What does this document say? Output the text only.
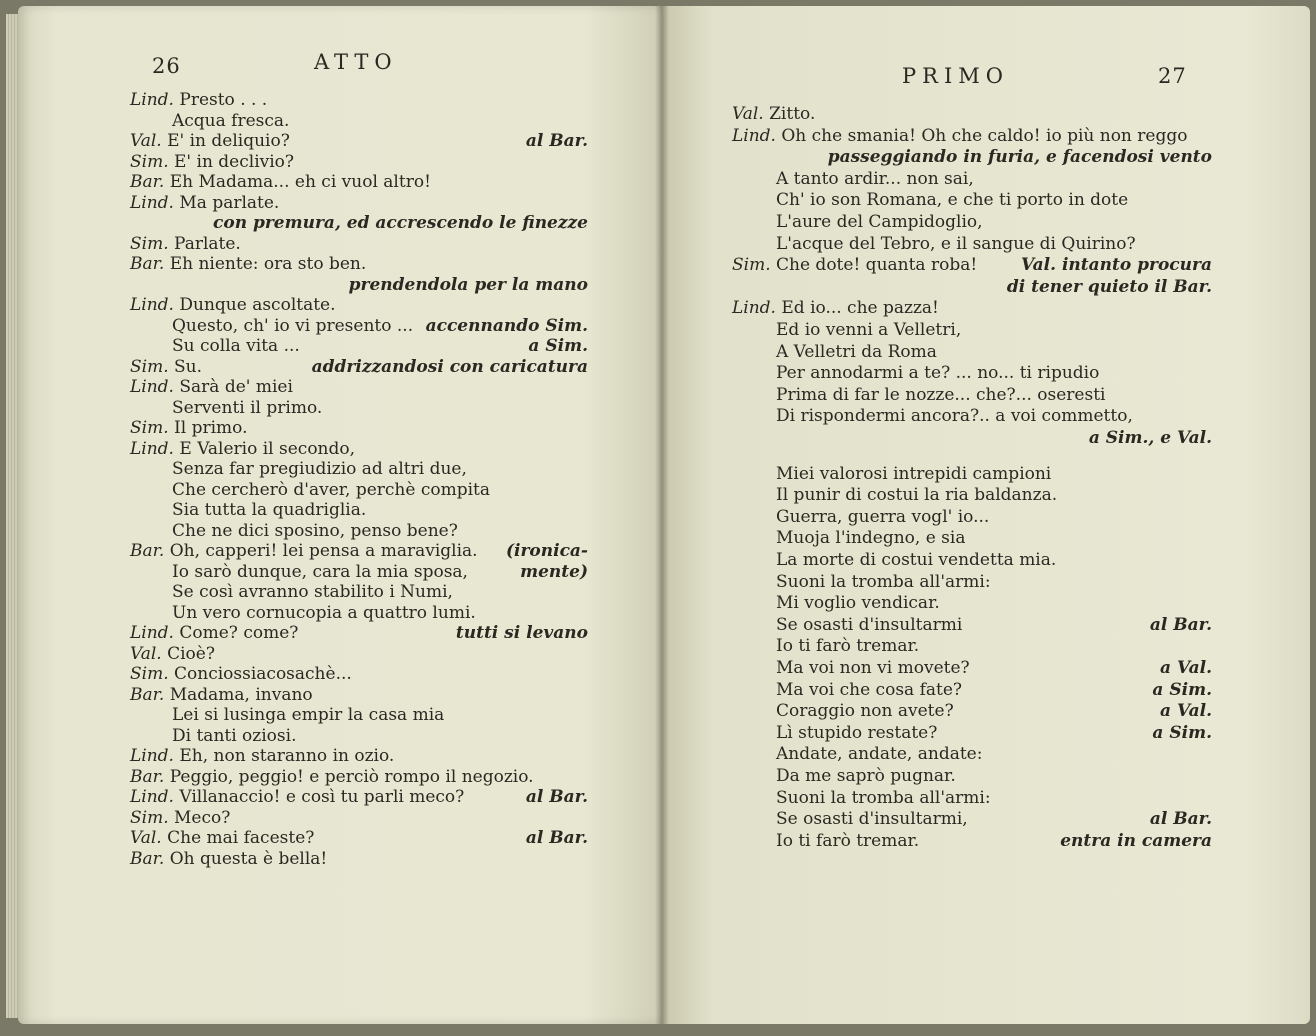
26	ATTO
Lind. Presto . . .
Acqua fresca.
Val. E' in deliquio?	al Bar.
Sim. E' in declivio?
Bar. Eh Madama... eh ci vuol altro!
Lind. Ma parlate.
con premura, ed accrescendo le finezze
Sim. Parlate.
Bar. Eh niente: ora sto ben.
prendendola per la mano
Lind. Dunque ascoltate.
Questo, ch' io vi presento ... accennando Sim.
Su colla vita ...	a Sim.
Sim. Su.	addrizzandosi con caricatura
Lind. Sarà de' miei
Serventi il primo.
Sim. Il primo.
Lind. E Valerio il secondo,
Senza far pregiudizio ad altri due,
Che cercherò d'aver, perchè compita
Sia tutta la quadriglia.
Che ne dici sposino, penso bene?
Bar. Oh, capperi! lei pensa a maraviglia. (ironica-
Io sarò dunque, cara la mia sposa,	mente)
Se così avranno stabilito i Numi,
Un vero cornucopia a quattro lumi.
Lind. Come? come?	tutti si levano
Val. Cioè?
Sim. Conciossiacosachè...
Bar. Madama, invano
Lei si lusinga empir la casa mia
Di tanti oziosi.
Lind. Eh, non staranno in ozio.
Bar. Peggio, peggio! e perciò rompo il negozio.
Lind. Villanaccio! e così tu parli meco?	al Bar.
Sim. Meco?
Val. Che mai faceste?	al Bar.
Bar. Oh questa è bella!
PRIMO	27
Val. Zitto.
Lind. Oh che smania! Oh che caldo! io più non reggo
passeggiando in furia, e facendosi vento
A tanto ardir... non sai,
Ch' io son Romana, e che ti porto in dote
L'aure del Campidoglio,
L'acque del Tebro, e il sangue di Quirino?
Sim. Che dote! quanta roba!	Val. intanto procura
di tener quieto il Bar.
Lind. Ed io... che pazza!
Ed io venni a Velletri,
A Velletri da Roma
Per annodarmi a te? ... no... ti ripudio
Prima di far le nozze... che?... oseresti
Di rispondermi ancora?.. a voi commetto,
a Sim., e Val.
Miei valorosi intrepidi campioni
Il punir di costui la ria baldanza.
Guerra, guerra vogl' io...
Muoja l'indegno, e sia
La morte di costui vendetta mia.
Suoni la tromba all'armi:
Mi voglio vendicar.
Se osasti d'insultarmi	al Bar.
Io ti farò tremar.
Ma voi non vi movete?	a Val.
Ma voi che cosa fate?	a Sim.
Coraggio non avete?	a Val.
Lì stupido restate?	a Sim.
Andate, andate, andate:
Da me saprò pugnar.
Suoni la tromba all'armi:
Se osasti d'insultarmi,	al Bar.
Io ti farò tremar.	entra in camera
